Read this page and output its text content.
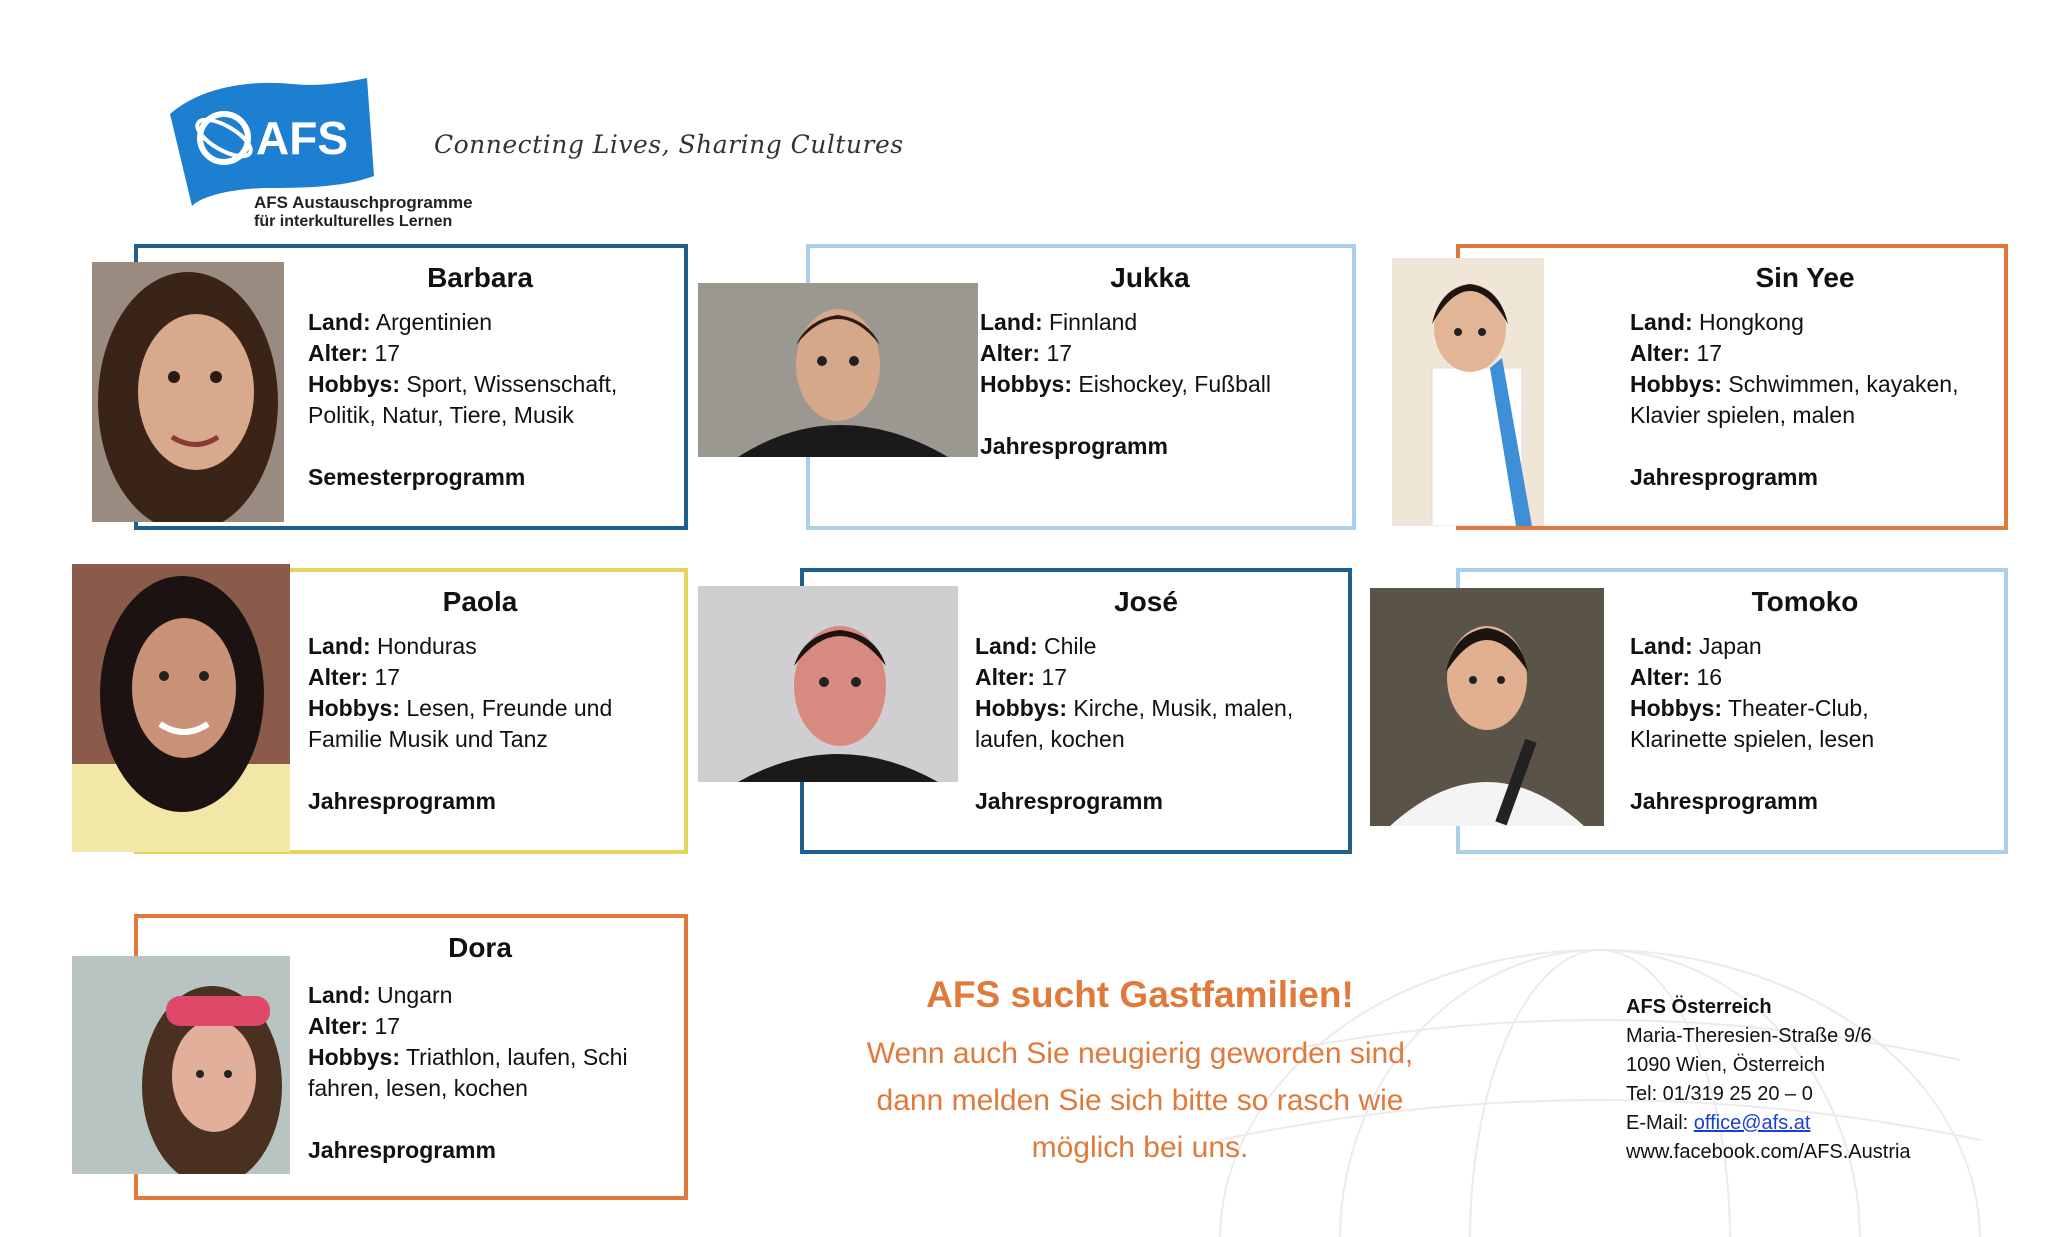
AFS	Connecting Lives, Sharing Cultures
AFS Austauschprogramme
für interkulturelles Lernen
Barbara
Land: Argentinien
Alter: 17
Hobbys: Sport, Wissenschaft,
Politik, Natur, Tiere, Musik
Semesterprogramm
Jukka
Land: Finnland
Alter: 17
Hobbys: Eishockey, Fußball
Jahresprogramm
Sin Yee
Land: Hongkong
Alter: 17
Hobbys: Schwimmen, kayaken,
Klavier spielen, malen
Jahresprogramm
Paola
Land: Honduras
Alter: 17
Hobbys: Lesen, Freunde und
Familie Musik und Tanz
Jahresprogramm
José
Land: Chile
Alter: 17
Hobbys: Kirche, Musik, malen,
laufen, kochen
Jahresprogramm
Tomoko
Land: Japan
Alter: 16
Hobbys: Theater-Club,
Klarinette spielen, lesen
Jahresprogramm
Dora
Land: Ungarn
Alter: 17
Hobbys: Triathlon, laufen, Schi
fahren, lesen, kochen
Jahresprogramm
AFS sucht Gastfamilien!
Wenn auch Sie neugierig geworden sind,
dann melden Sie sich bitte so rasch wie
möglich bei uns.
AFS Österreich
Maria-Theresien-Straße 9/6
1090 Wien, Österreich
Tel: 01/319 25 20 – 0
E-Mail: office@afs.at
www.facebook.com/AFS.Austria
